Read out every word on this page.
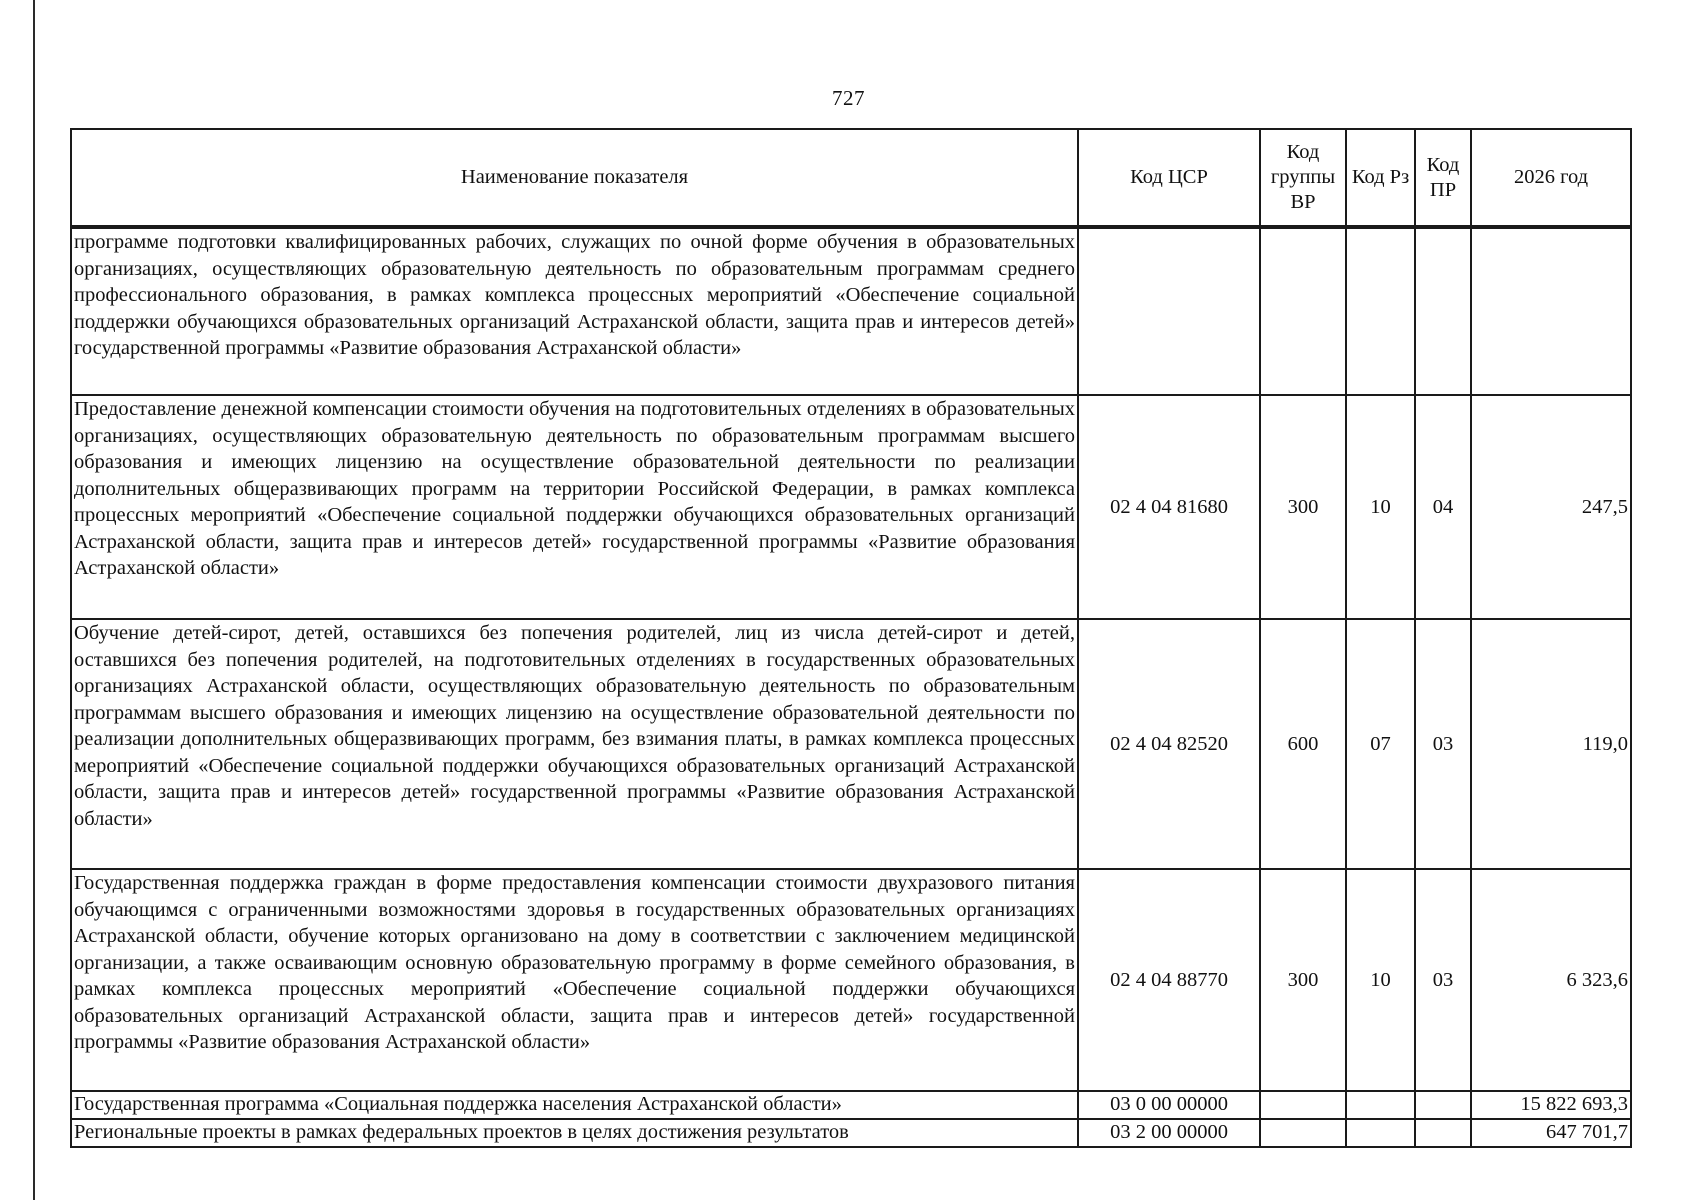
727
Наименование показателя	Код ЦСР	Код группы ВР	Код Рз	Код ПР	2026 год
программе подготовки квалифицированных рабочих, служащих по очной форме обучения в образовательных организациях, осуществляющих образовательную деятельность по образовательным программам среднего профессионального образования, в рамках комплекса процессных мероприятий «Обеспечение социальной поддержки обучающихся образовательных организаций Астраханской области, защита прав и интересов детей» государственной программы «Развитие образования Астраханской области»					
Предоставление денежной компенсации стоимости обучения на подготовительных отделениях в образовательных организациях, осуществляющих образовательную деятельность по образовательным программам высшего образования и имеющих лицензию на осуществление образовательной деятельности по реализации дополнительных общеразвивающих программ на территории Российской Федерации, в рамках комплекса процессных мероприятий «Обеспечение социальной поддержки обучающихся образовательных организаций Астраханской области, защита прав и интересов детей» государственной программы «Развитие образования Астраханской области»	02 4 04 81680	300	10	04	247,5
Обучение детей-сирот, детей, оставшихся без попечения родителей, лиц из числа детей-сирот и детей, оставшихся без попечения родителей, на подготовительных отделениях в государственных образовательных организациях Астраханской области, осуществляющих образовательную деятельность по образовательным программам высшего образования и имеющих лицензию на осуществление образовательной деятельности по реализации дополнительных общеразвивающих программ, без взимания платы, в рамках комплекса процессных мероприятий «Обеспечение социальной поддержки обучающихся образовательных организаций Астраханской области, защита прав и интересов детей» государственной программы «Развитие образования Астраханской области»	02 4 04 82520	600	07	03	119,0
Государственная поддержка граждан в форме предоставления компенсации стоимости двухразового питания обучающимся с ограниченными возможностями здоровья в государственных образовательных организациях Астраханской области, обучение которых организовано на дому в соответствии с заключением медицинской организации, а также осваивающим основную образовательную программу в форме семейного образования, в рамках комплекса процессных мероприятий «Обеспечение социальной поддержки обучающихся образовательных организаций Астраханской области, защита прав и интересов детей» государственной программы «Развитие образования Астраханской области»	02 4 04 88770	300	10	03	6 323,6
Государственная программа «Социальная поддержка населения Астраханской области»	03 0 00 00000				15 822 693,3
Региональные проекты в рамках федеральных проектов в целях достижения результатов	03 2 00 00000				647 701,7
